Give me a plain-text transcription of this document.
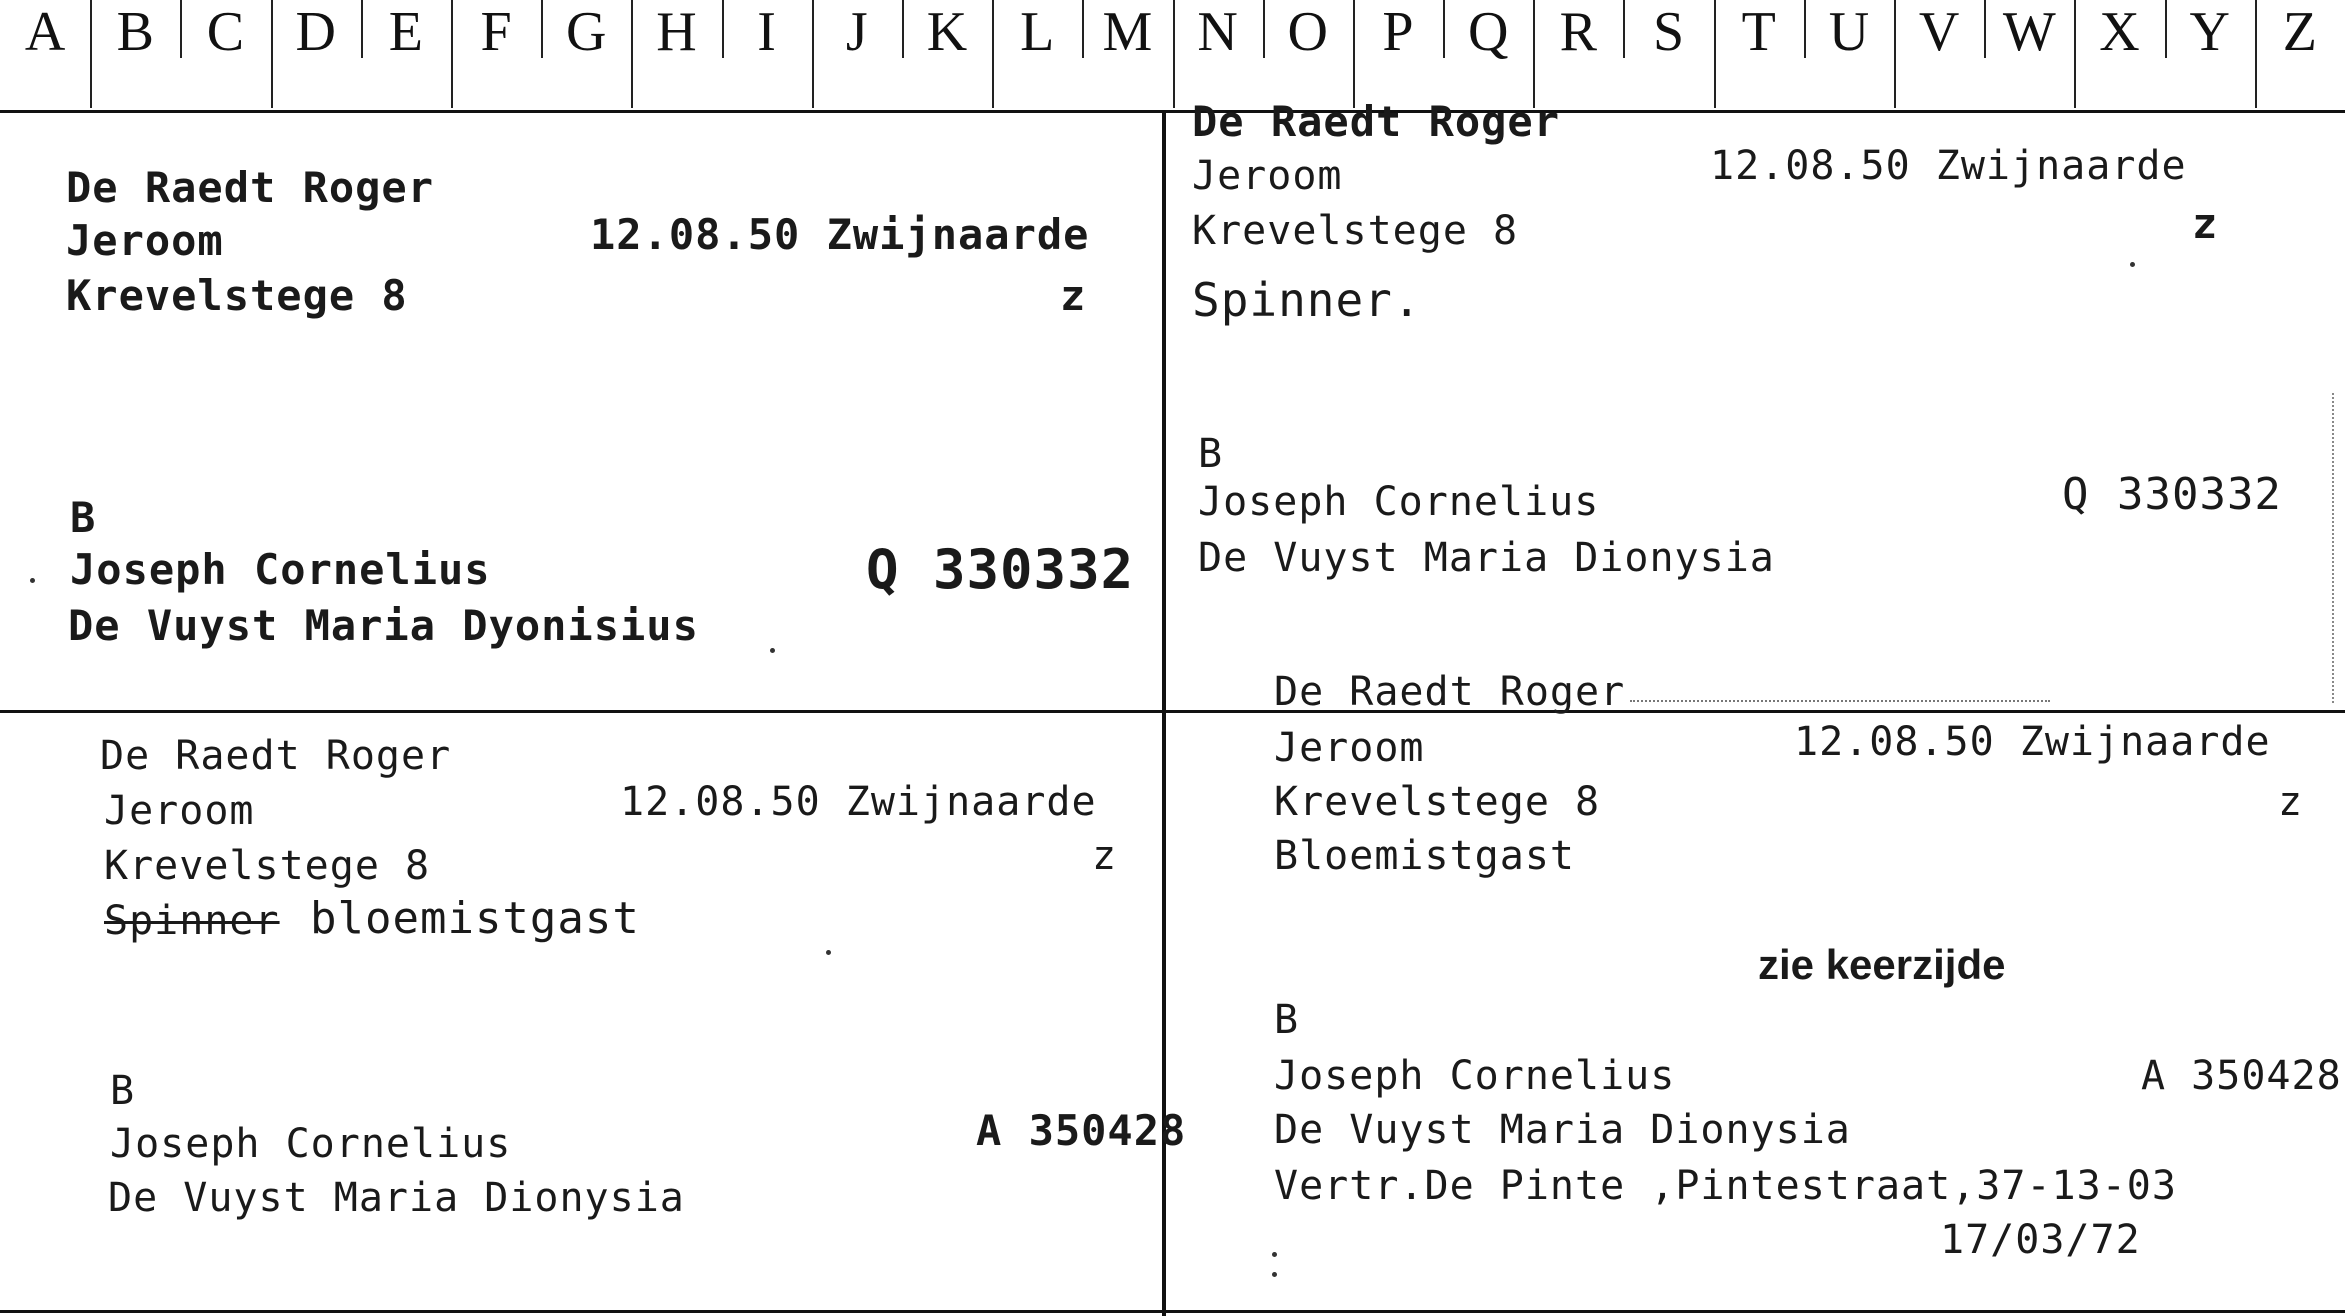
A B C D E	F G H	I	J	K L M N O P Q R S	T U V W X Y Z
De Raedt Roger
Jeroom	12.08.50 Zwijnaarde
Krevelstege 8	z
B
Joseph Cornelius	Q 330332
De Vuyst Maria Dyonisius
De Raedt Roger
Jeroom	12.08.50 Zwijnaarde
Krevelstege 8	z
Spinner.
B
Joseph Cornelius	Q 330332
De Vuyst Maria Dionysia
De Raedt Roger
Jeroom	12.08.50 Zwijnaarde
Krevelstege 8	z
Spinner bloemistgast
B
Joseph Cornelius	A 350428
De Vuyst Maria Dionysia
De Raedt Roger
Jeroom	12.08.50 Zwijnaarde
Krevelstege 8	z
Bloemistgast
zie keerzijde
B
Joseph Cornelius	A 350428
De Vuyst Maria Dionysia
Vertr.De Pinte ,Pintestraat,37-13-03
17/03/72
